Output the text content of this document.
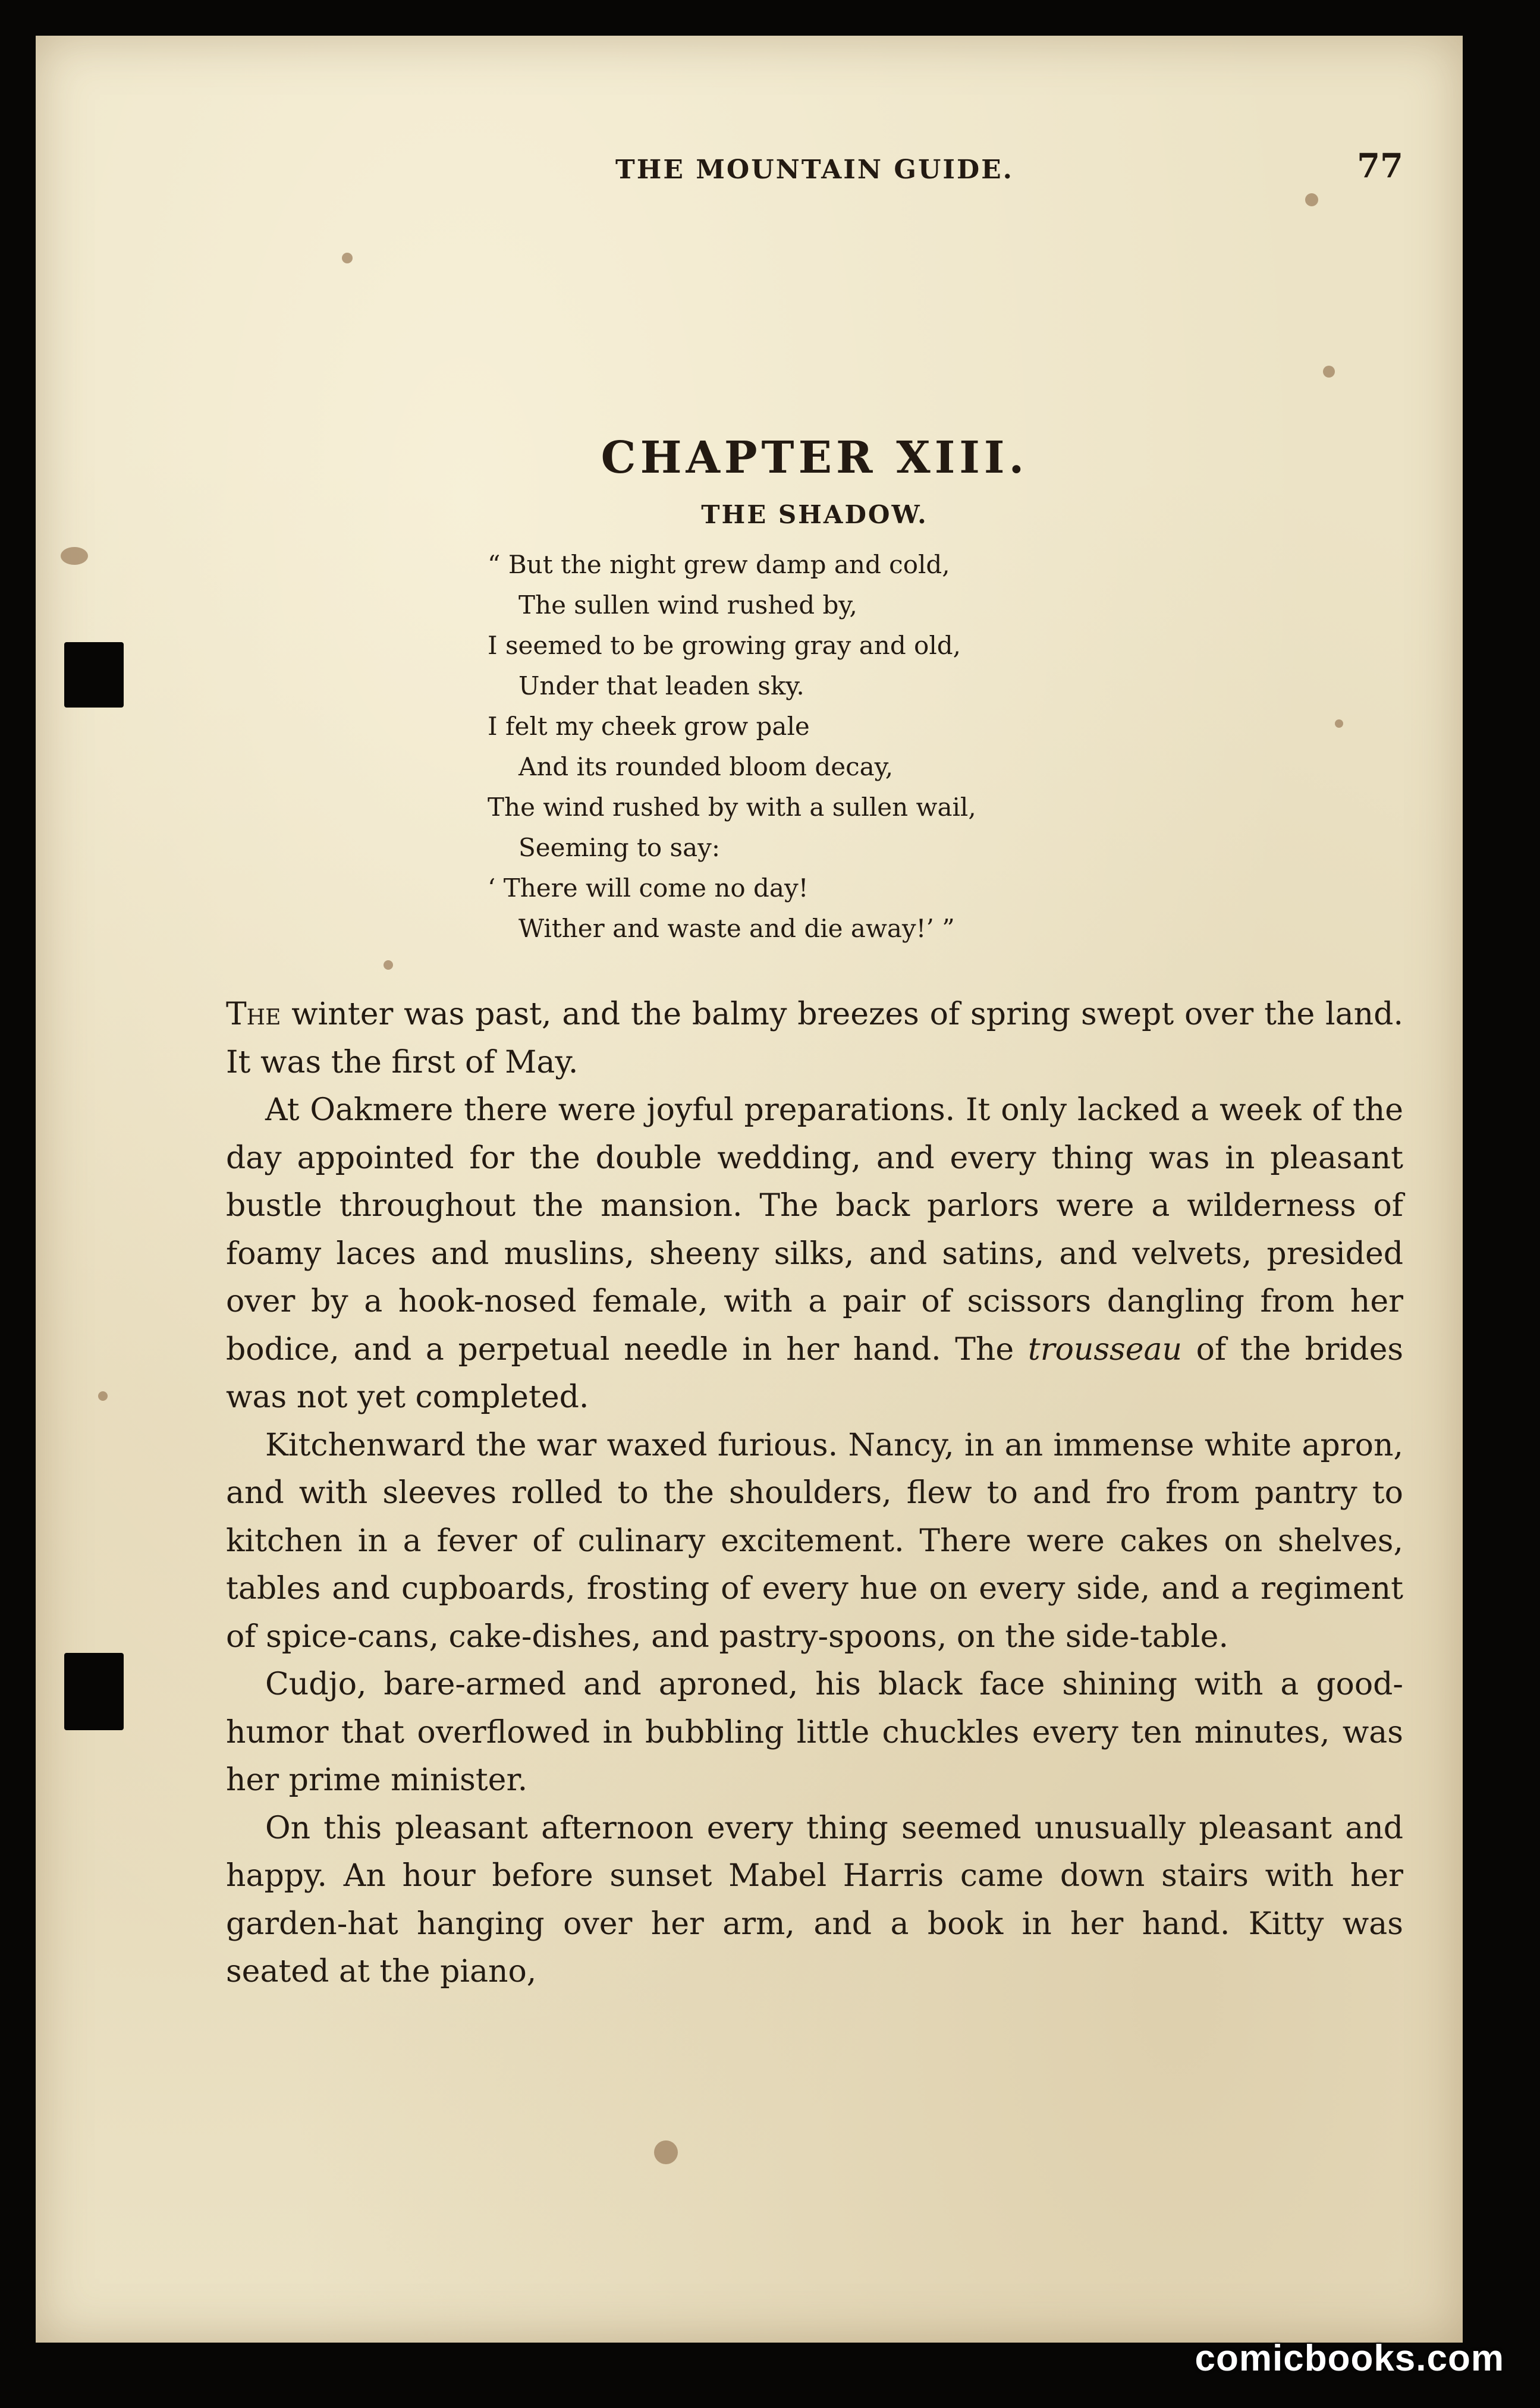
THE MOUNTAIN GUIDE.	77
CHAPTER XIII.
THE SHADOW.
“ But the night grew damp and cold,
The sullen wind rushed by,
I seemed to be growing gray and old,
Under that leaden sky.
I felt my cheek grow pale
And its rounded bloom decay,
The wind rushed by with a sullen wail,
Seeming to say:
‘ There will come no day!
Wither and waste and die away!’ ”

The winter was past, and the balmy breezes of spring swept over the land. It was the first of May.

At Oakmere there were joyful preparations. It only lacked a week of the day appointed for the double wedding, and every thing was in pleasant bustle throughout the mansion. The back parlors were a wilderness of foamy laces and muslins, sheeny silks, and satins, and velvets, presided over by a hook-nosed female, with a pair of scissors dangling from her bodice, and a perpetual needle in her hand. The trousseau of the brides was not yet completed.

Kitchenward the war waxed furious. Nancy, in an immense white apron, and with sleeves rolled to the shoulders, flew to and fro from pantry to kitchen in a fever of culinary excitement. There were cakes on shelves, tables and cupboards, frosting of every hue on every side, and a regiment of spice-cans, cake-dishes, and pastry-spoons, on the side-table.

Cudjo, bare-armed and aproned, his black face shining with a good-humor that overflowed in bubbling little chuckles every ten minutes, was her prime minister.

On this pleasant afternoon every thing seemed unusually pleasant and happy. An hour before sunset Mabel Harris came down stairs with her garden-hat hanging over her arm, and a book in her hand. Kitty was seated at the piano,

comicbooks.com
